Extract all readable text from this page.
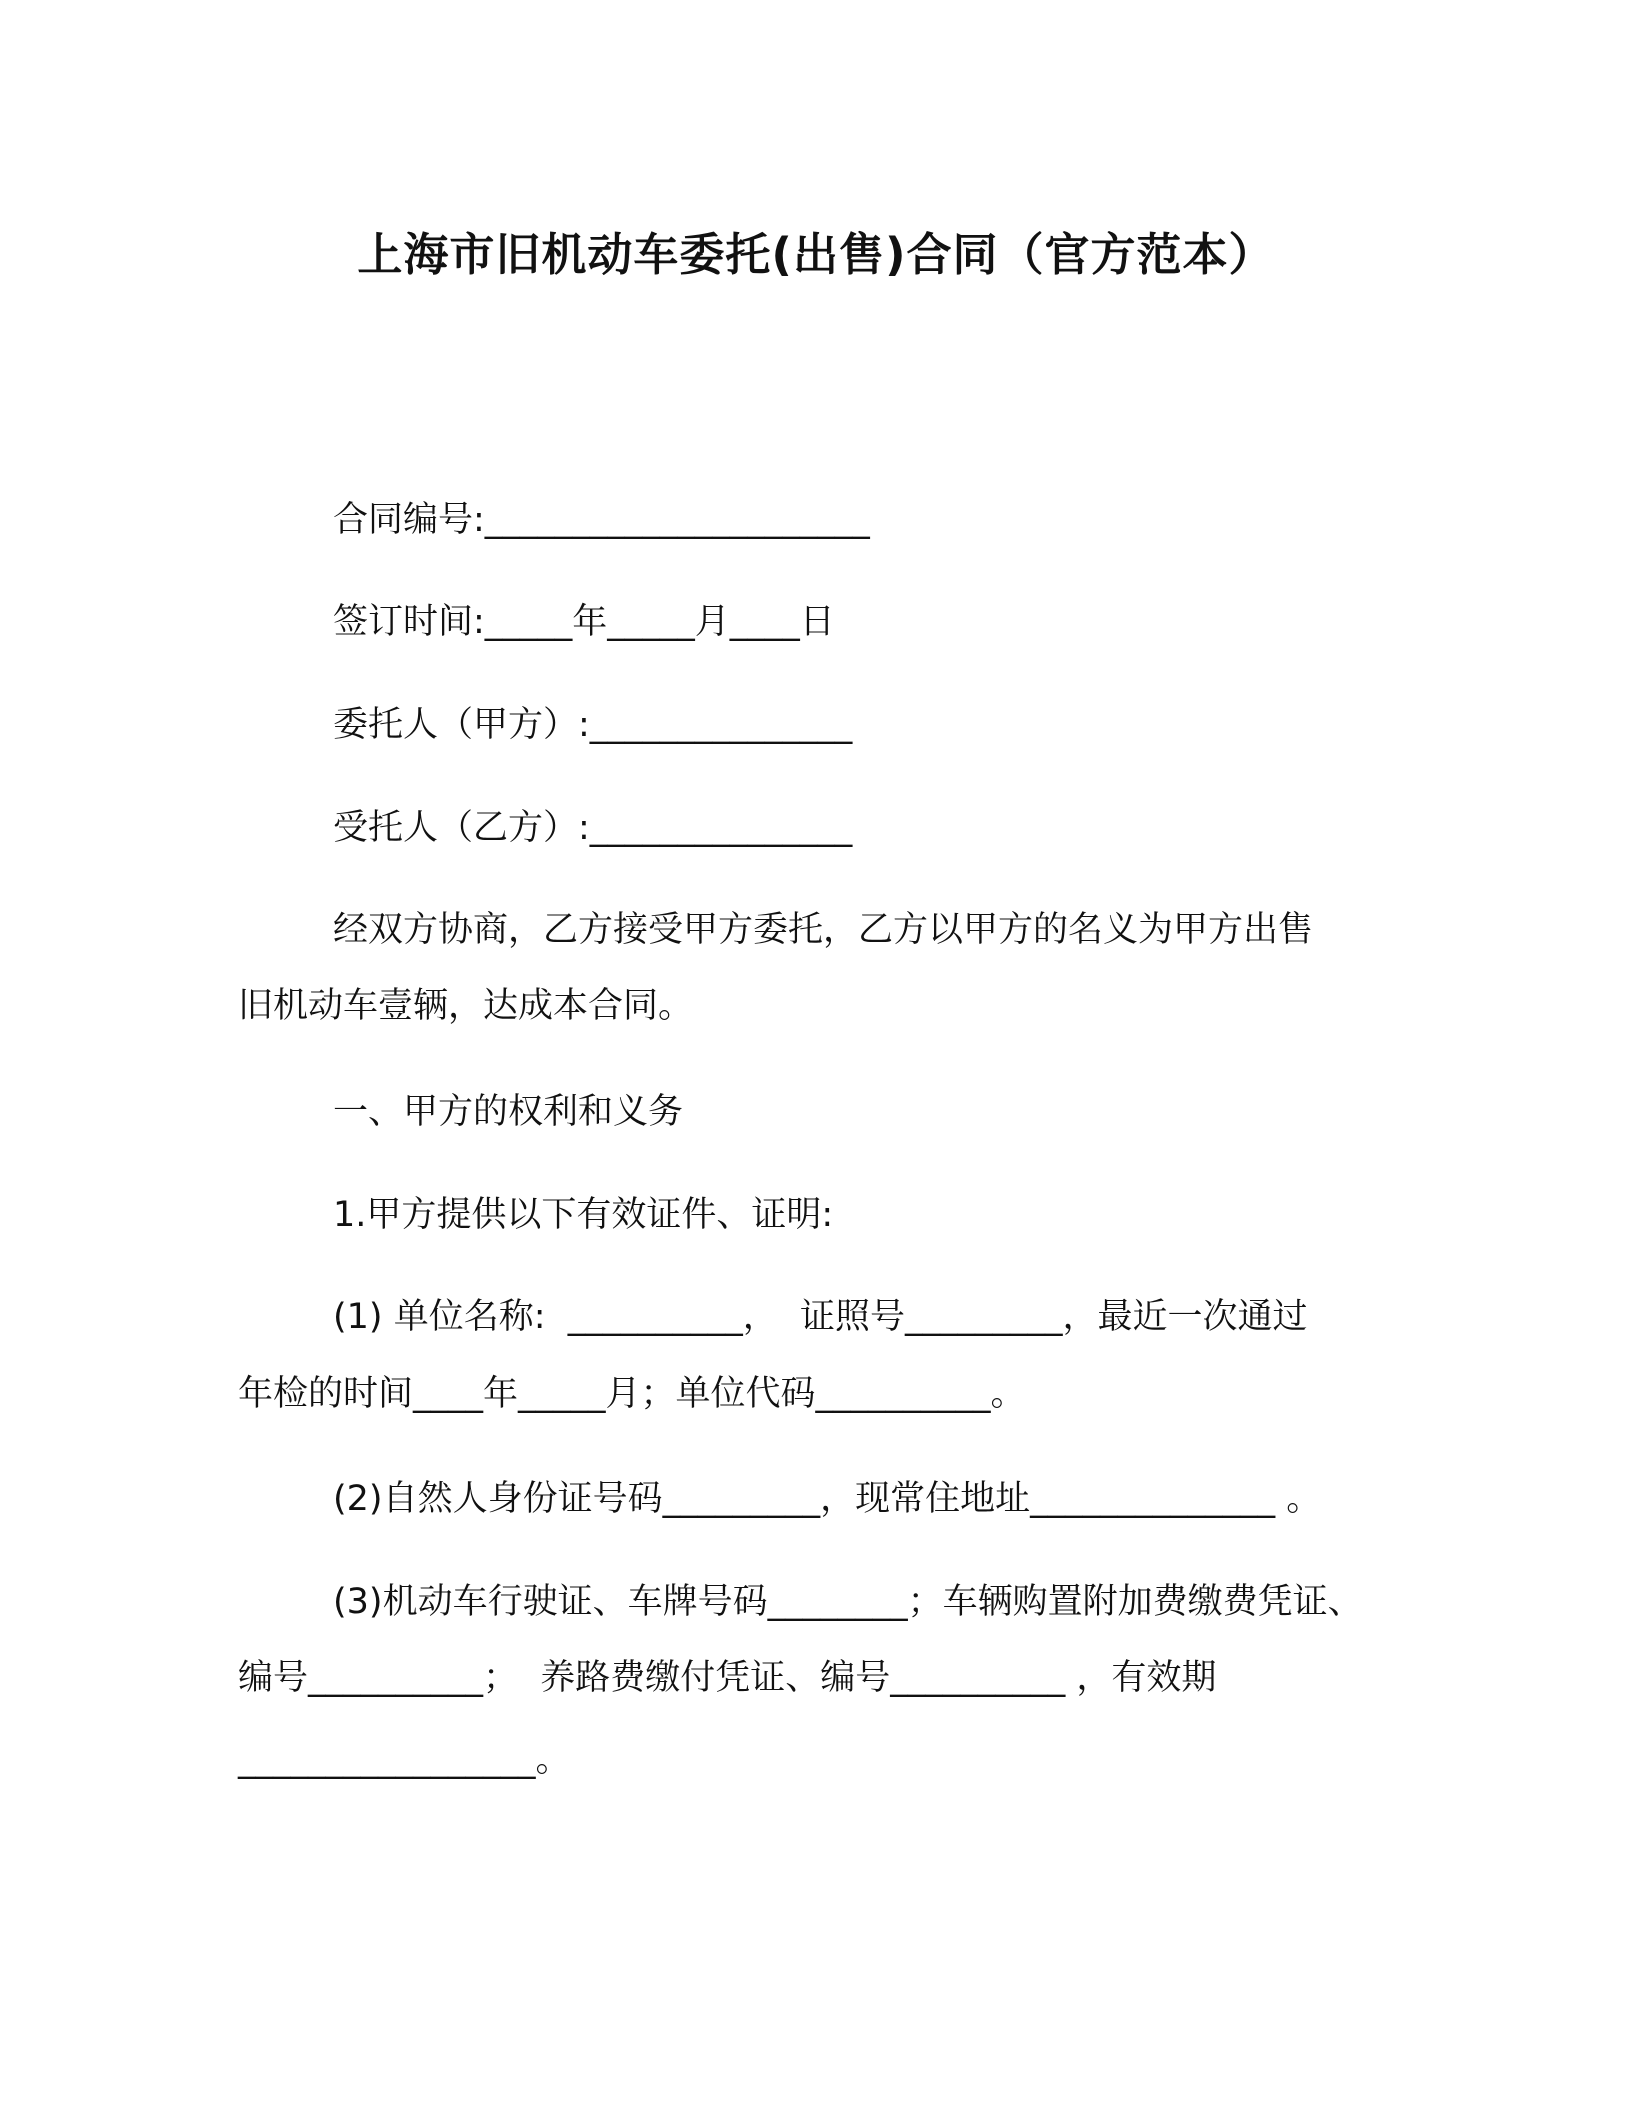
上海市旧机动车委托(出售)合同（官方范本）
合同编号:______________________
签订时间:_____年_____月____日
委托人（甲方）:_______________
受托人（乙方）:_______________
经双方协商，乙方接受甲方委托，乙方以甲方的名义为甲方出售
旧机动车壹辆，达成本合同。
一、甲方的权利和义务
1.甲方提供以下有效证件、证明:
(1) 单位名称:  __________，  证照号_________，最近一次通过
年检的时间____年_____月；单位代码__________。
(2)自然人身份证号码_________，现常住地址______________ 。
(3)机动车行驶证、车牌号码________；车辆购置附加费缴费凭证、
编号__________；  养路费缴付凭证、编号__________ ，有效期
_________________。
